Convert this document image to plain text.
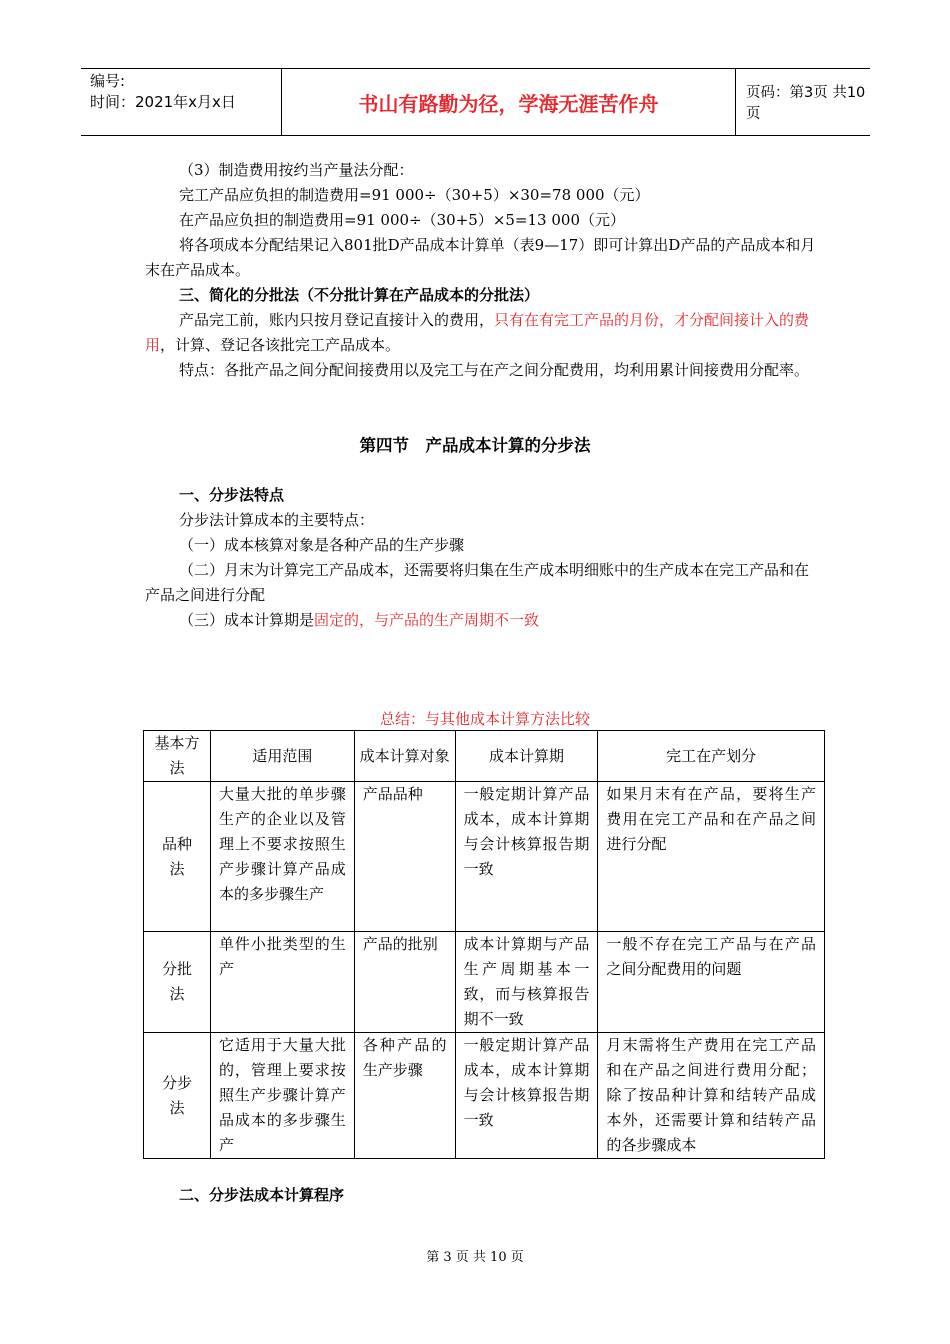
编号:
时间：2021年x月x日	书山有路勤为径，学海无涯苦作舟	页码：第3页 共10页
（3）制造费用按约当产量法分配：
完工产品应负担的制造费用=91 000÷（30+5）×30=78 000（元）
在产品应负担的制造费用=91 000÷（30+5）×5=13 000（元）
将各项成本分配结果记入801批D产品成本计算单（表9—17）即可计算出D产品的产品成本和月末在产品成本。
三、简化的分批法（不分批计算在产品成本的分批法）
产品完工前，账内只按月登记直接计入的费用，只有在有完工产品的月份，才分配间接计入的费用，计算、登记各该批完工产品成本。
特点：各批产品之间分配间接费用以及完工与在产之间分配费用，均利用累计间接费用分配率。
第四节　产品成本计算的分步法
一、分步法特点
分步法计算成本的主要特点：
（一）成本核算对象是各种产品的生产步骤
（二）月末为计算完工产品成本，还需要将归集在生产成本明细账中的生产成本在完工产品和在产品之间进行分配
（三）成本计算期是固定的，与产品的生产周期不一致
总结：与其他成本计算方法比较
基本方法	适用范围	成本计算对象	成本计算期	完工在产划分
品种法	大量大批的单步骤生产的企业以及管理上不要求按照生产步骤计算产品成本的多步骤生产	产品品种	一般定期计算产品成本，成本计算期与会计核算报告期一致	如果月末有在产品，要将生产费用在完工产品和在产品之间进行分配
分批法	单件小批类型的生产	产品的批别	成本计算期与产品生产周期基本一致，而与核算报告期不一致	一般不存在完工产品与在产品之间分配费用的问题
分步法	它适用于大量大批的，管理上要求按照生产步骤计算产品成本的多步骤生产	各种产品的生产步骤	一般定期计算产品成本，成本计算期与会计核算报告期一致	月末需将生产费用在完工产品和在产品之间进行费用分配；除了按品种计算和结转产品成本外，还需要计算和结转产品的各步骤成本
二、分步法成本计算程序
第 3 页 共 10 页
